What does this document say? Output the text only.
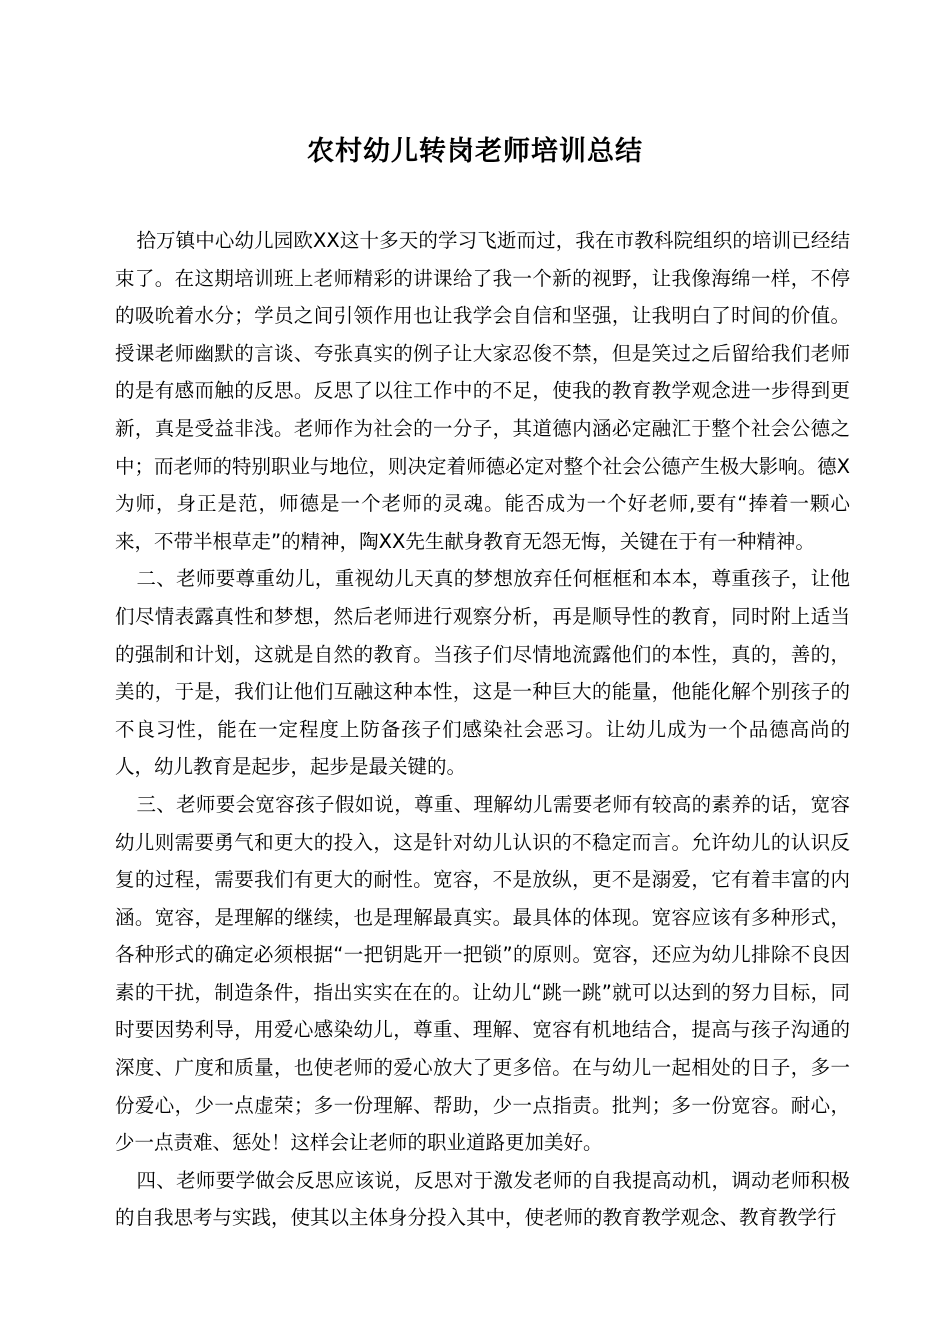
农村幼儿转岗老师培训总结

拾万镇中心幼儿园欧XX这十多天的学习飞逝而过，我在市教科院组织的培训已经结束了。在这期培训班上老师精彩的讲课给了我一个新的视野，让我像海绵一样，不停的吸吮着水分；学员之间引领作用也让我学会自信和坚强，让我明白了时间的价值。授课老师幽默的言谈、夸张真实的例子让大家忍俊不禁，但是笑过之后留给我们老师的是有感而触的反思。反思了以往工作中的不足，使我的教育教学观念进一步得到更新，真是受益非浅。老师作为社会的一分子，其道德内涵必定融汇于整个社会公德之中；而老师的特别职业与地位，则决定着师德必定对整个社会公德产生极大影响。德X为师，身正是范，师德是一个老师的灵魂。能否成为一个好老师,要有“捧着一颗心来，不带半根草走”的精神，陶XX先生献身教育无怨无悔，关键在于有一种精神。

二、老师要尊重幼儿，重视幼儿天真的梦想放弃任何框框和本本，尊重孩子，让他们尽情表露真性和梦想，然后老师进行观察分析，再是顺导性的教育，同时附上适当的强制和计划，这就是自然的教育。当孩子们尽情地流露他们的本性，真的，善的，美的，于是，我们让他们互融这种本性，这是一种巨大的能量，他能化解个别孩子的不良习性，能在一定程度上防备孩子们感染社会恶习。让幼儿成为一个品德高尚的人，幼儿教育是起步，起步是最关键的。

三、老师要会宽容孩子假如说，尊重、理解幼儿需要老师有较高的素养的话，宽容幼儿则需要勇气和更大的投入，这是针对幼儿认识的不稳定而言。允许幼儿的认识反复的过程，需要我们有更大的耐性。宽容，不是放纵，更不是溺爱，它有着丰富的内涵。宽容，是理解的继续，也是理解最真实。最具体的体现。宽容应该有多种形式，各种形式的确定必须根据“一把钥匙开一把锁”的原则。宽容，还应为幼儿排除不良因素的干扰，制造条件，指出实实在在的。让幼儿“跳一跳”就可以达到的努力目标，同时要因势利导，用爱心感染幼儿，尊重、理解、宽容有机地结合，提高与孩子沟通的深度、广度和质量，也使老师的爱心放大了更多倍。在与幼儿一起相处的日子，多一份爱心，少一点虚荣；多一份理解、帮助，少一点指责。批判；多一份宽容。耐心，少一点责难、惩处！这样会让老师的职业道路更加美好。

四、老师要学做会反思应该说，反思对于激发老师的自我提高动机，调动老师积极的自我思考与实践，使其以主体身分投入其中，使老师的教育教学观念、教育教学行
